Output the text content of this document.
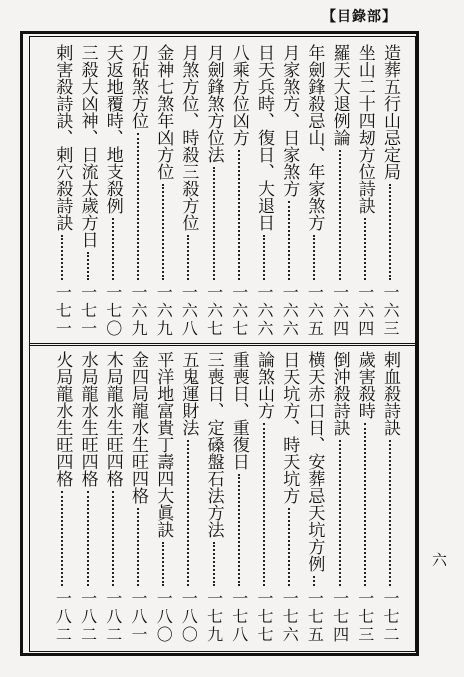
【目錄部】
造葬五行山忌定局
一六三
坐山二十四刼方位詩訣
一六四
羅天大退例論
一六四
年劍鋒殺忌山、年家煞方
一六五
月家煞方、日家煞方
一六六
日天兵時、復日、大退日
一六六
八乘方位凶方
一六七
月劍鋒煞方位法
一六七
月煞方位、時殺三殺方位
一六八
金神七煞年凶方位
一六九
刀砧煞方位
一六九
天返地覆時、地支殺例
一七〇
三殺大凶神、日流太歲方日
一七一
剌害殺詩訣、剌穴殺詩訣
一七一
剌血殺詩訣
一七二
歲害殺時
一七三
倒沖殺詩訣
一七四
横天赤口日、安葬忌天坑方例
一七五
日天坑方、時天坑方
一七六
論煞山方
一七七
重喪日、重復日
一七八
三喪日、定磉盤石法方法
一七九
五鬼運財法
一八〇
平洋地富貴丁壽四大眞訣
一八〇
金四局龍水生旺四格
一八一
木局龍水生旺四格
一八二
水局龍水生旺四格
一八二
火局龍水生旺四格
一八二
六
